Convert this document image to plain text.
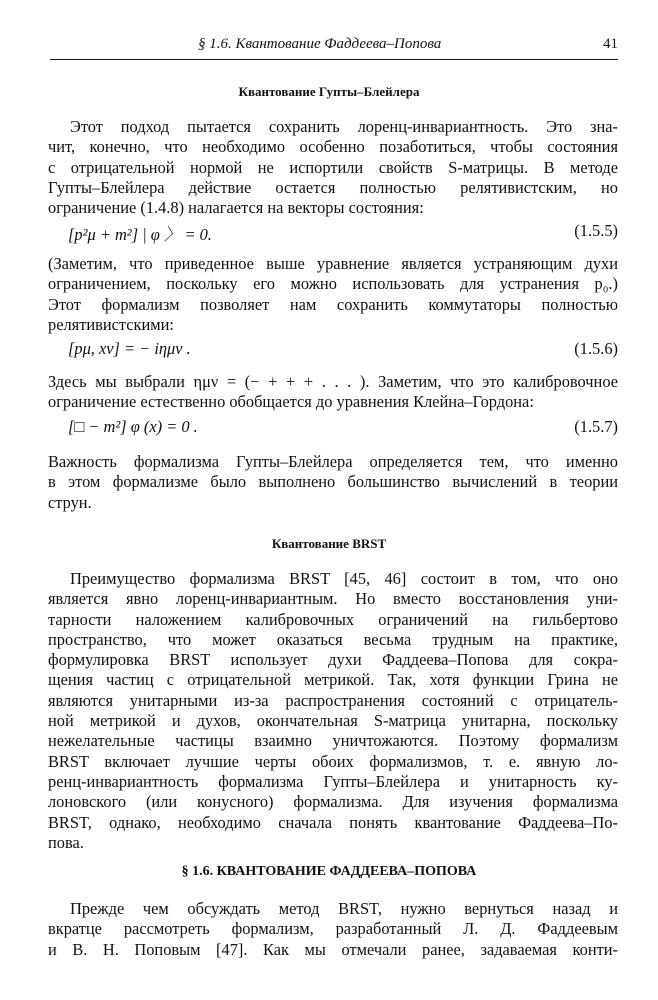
§ 1.6. Квантование Фаддеева–Попова	41
Квантование Гупты–Блейлера
Этот подход пытается сохранить лоренц-инвариантность. Это зна-
чит, конечно, что необходимо особенно позаботиться, чтобы состояния
с отрицательной нормой не испортили свойств S-матрицы. В методе
Гупты–Блейлера действие остается полностью релятивистским, но
ограничение (1.4.8) налагается на векторы состояния:
[p²μ + m²] | φ 〉 = 0.	(1.5.5)
(Заметим, что приведенное выше уравнение является устраняющим духи
ограничением, поскольку его можно использовать для устранения p₀.)
Этот формализм позволяет нам сохранить коммутаторы полностью
релятивистскими:
[pμ, xν] = − iημν .	(1.5.6)
Здесь мы выбрали ημν = (− + + + . . . ). Заметим, что это калибровочное
ограничение естественно обобщается до уравнения Клейна–Гордона:
[□ − m²] φ (x) = 0 .	(1.5.7)
Важность формализма Гупты–Блейлера определяется тем, что именно
в этом формализме было выполнено большинство вычислений в теории
струн.
Квантование BRST
Преимущество формализма BRST [45, 46] состоит в том, что оно
является явно лоренц-инвариантным. Но вместо восстановления уни-
тарности наложением калибровочных ограничений на гильбертово
пространство, что может оказаться весьма трудным на практике,
формулировка BRST использует духи Фаддеева–Попова для сокра-
щения частиц с отрицательной метрикой. Так, хотя функции Грина не
являются унитарными из-за распространения состояний с отрицатель-
ной метрикой и духов, окончательная S-матрица унитарна, поскольку
нежелательные частицы взаимно уничтожаются. Поэтому формализм
BRST включает лучшие черты обоих формализмов, т. е. явную ло-
ренц-инвариантность формализма Гупты–Блейлера и унитарность ку-
лоновского (или конусного) формализма. Для изучения формализма
BRST, однако, необходимо сначала понять квантование Фаддеева–По-
пова.
§ 1.6. КВАНТОВАНИЕ ФАДДЕЕВА–ПОПОВА
Прежде чем обсуждать метод BRST, нужно вернуться назад и
вкратце рассмотреть формализм, разработанный Л. Д. Фаддеевым
и В. Н. Поповым [47]. Как мы отмечали ранее, задаваемая конти-
